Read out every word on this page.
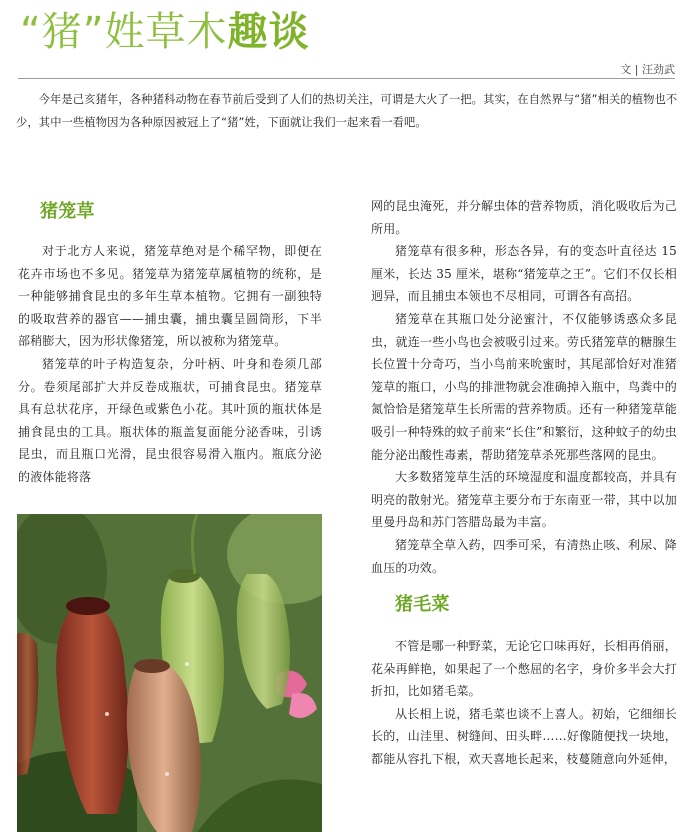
“猪”姓草木趣谈
文 | 汪劲武

今年是己亥猪年，各种猪科动物在春节前后受到了人们的热切关注，可谓是大火了一把。其实，在自然界与“猪”相关的植物也不少，其中一些植物因为各种原因被冠上了“猪”姓，下面就让我们一起来看一看吧。

猪笼草

对于北方人来说，猪笼草绝对是个稀罕物，即便在花卉市场也不多见。猪笼草为猪笼草属植物的统称，是一种能够捕食昆虫的多年生草本植物。它拥有一副独特的吸取营养的器官——捕虫囊，捕虫囊呈圆筒形，下半部稍膨大，因为形状像猪笼，所以被称为猪笼草。

猪笼草的叶子构造复杂，分叶柄、叶身和卷须几部分。卷须尾部扩大并反卷成瓶状，可捕食昆虫。猪笼草具有总状花序，开绿色或紫色小花。其叶顶的瓶状体是捕食昆虫的工具。瓶状体的瓶盖复面能分泌香味，引诱昆虫，而且瓶口光滑，昆虫很容易滑入瓶内。瓶底分泌的液体能将落

网的昆虫淹死，并分解虫体的营养物质，消化吸收后为己所用。

猪笼草有很多种，形态各异，有的变态叶直径达 15 厘米，长达 35 厘米，堪称“猪笼草之王”。它们不仅长相迥异，而且捕虫本领也不尽相同，可谓各有高招。

猪笼草在其瓶口处分泌蜜汁，不仅能够诱惑众多昆虫，就连一些小鸟也会被吸引过来。劳氏猪笼草的糖腺生长位置十分奇巧，当小鸟前来吮蜜时，其尾部恰好对准猪笼草的瓶口，小鸟的排泄物就会准确掉入瓶中，鸟粪中的氮恰恰是猪笼草生长所需的营养物质。还有一种猪笼草能吸引一种特殊的蚊子前来“长住”和繁衍，这种蚊子的幼虫能分泌出酸性毒素，帮助猪笼草杀死那些落网的昆虫。

大多数猪笼草生活的环境湿度和温度都较高，并具有明亮的散射光。猪笼草主要分布于东南亚一带，其中以加里曼丹岛和苏门答腊岛最为丰富。

猪笼草全草入药，四季可采，有清热止咳、利尿、降血压的功效。

猪毛菜

不管是哪一种野菜，无论它口味再好，长相再俏丽，花朵再鲜艳，如果起了一个憋屈的名字，身价多半会大打折扣，比如猪毛菜。

从长相上说，猪毛菜也谈不上喜人。初始，它细细长长的，山洼里、树缝间、田头畔……好像随便找一块地，都能从容扎下根，欢天喜地长起来，枝蔓随意向外延伸，
